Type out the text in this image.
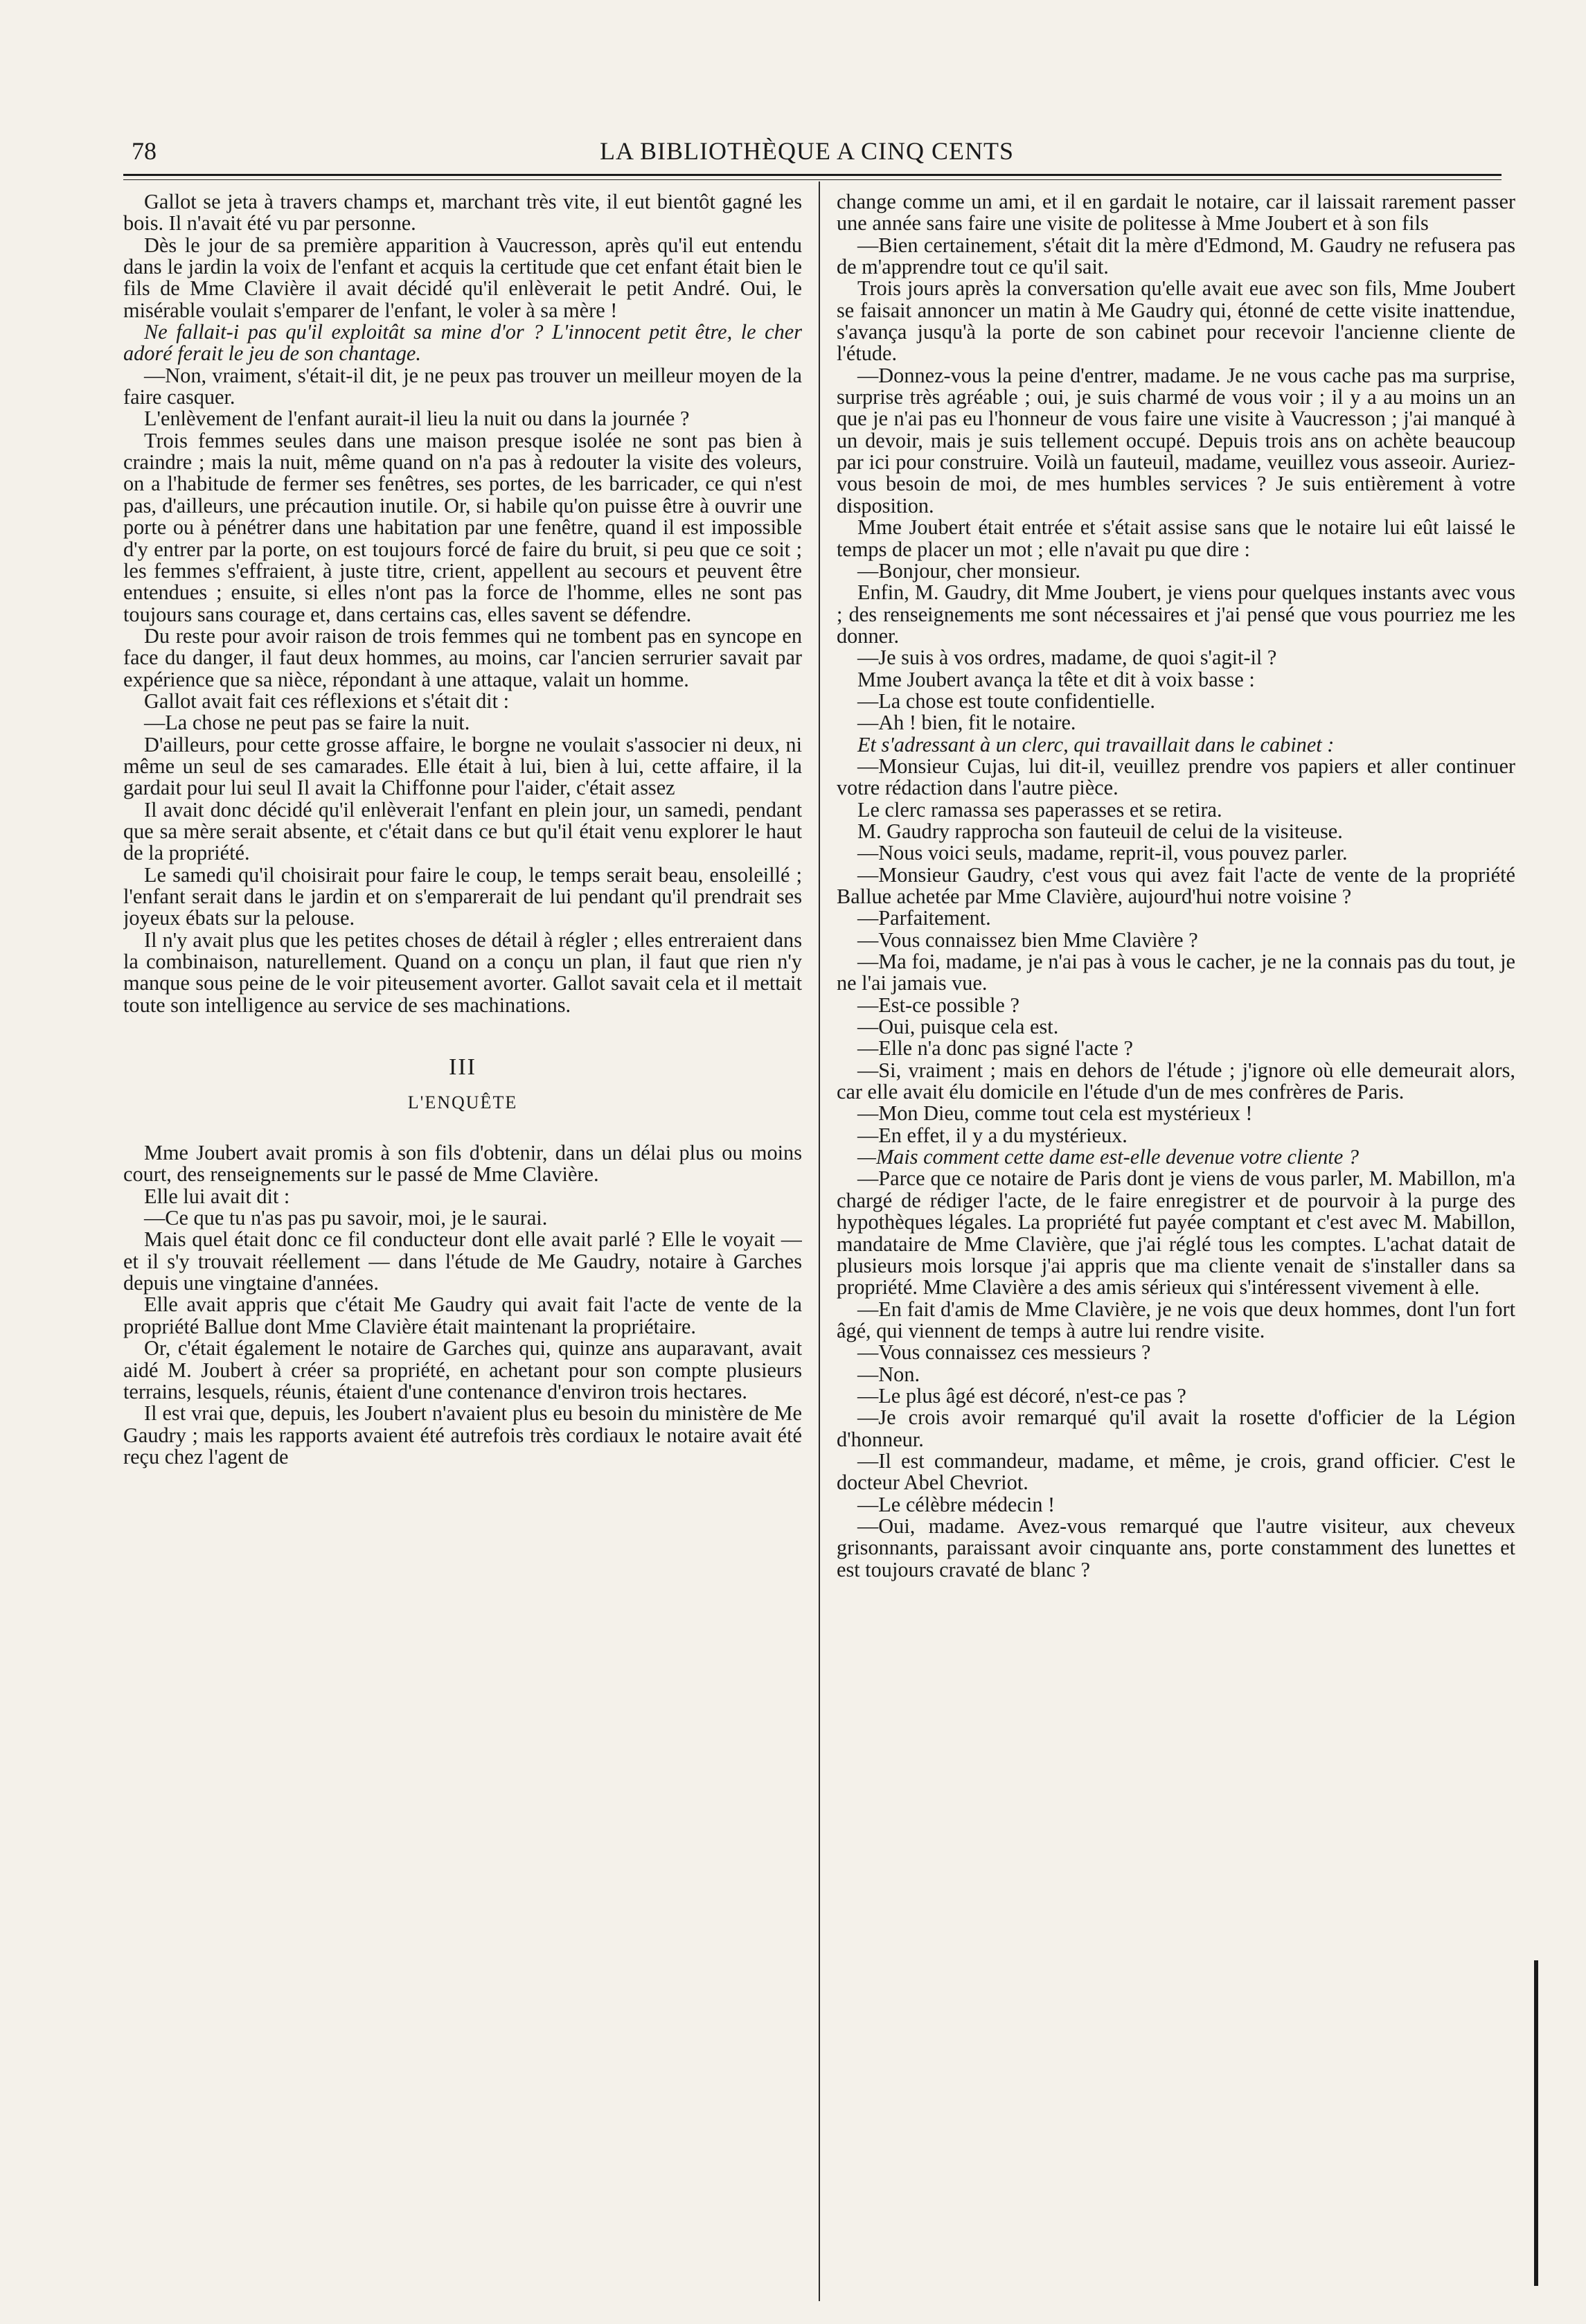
78	LA BIBLIOTHÈQUE A CINQ CENTS

Gallot se jeta à travers champs et, marchant très vite, il eut bientôt gagné les bois. Il n'avait été vu par personne.

Dès le jour de sa première apparition à Vaucresson, après qu'il eut entendu dans le jardin la voix de l'enfant et acquis la certitude que cet enfant était bien le fils de Mme Clavière il avait décidé qu'il enlèverait le petit André. Oui, le misérable voulait s'emparer de l'enfant, le voler à sa mère !

Ne fallait-i pas qu'il exploitât sa mine d'or ? L'innocent petit être, le cher adoré ferait le jeu de son chantage.

—Non, vraiment, s'était-il dit, je ne peux pas trouver un meilleur moyen de la faire casquer.

L'enlèvement de l'enfant aurait-il lieu la nuit ou dans la journée ?

Trois femmes seules dans une maison presque isolée ne sont pas bien à craindre ; mais la nuit, même quand on n'a pas à redouter la visite des voleurs, on a l'habitude de fermer ses fenêtres, ses portes, de les barricader, ce qui n'est pas, d'ailleurs, une précaution inutile. Or, si habile qu'on puisse être à ouvrir une porte ou à pénétrer dans une habitation par une fenêtre, quand il est impossible d'y entrer par la porte, on est toujours forcé de faire du bruit, si peu que ce soit ; les femmes s'effraient, à juste titre, crient, appellent au secours et peuvent être entendues ; ensuite, si elles n'ont pas la force de l'homme, elles ne sont pas toujours sans courage et, dans certains cas, elles savent se défendre.

Du reste pour avoir raison de trois femmes qui ne tombent pas en syncope en face du danger, il faut deux hommes, au moins, car l'ancien serrurier savait par expérience que sa nièce, répondant à une attaque, valait un homme.

Gallot avait fait ces réflexions et s'était dit :

—La chose ne peut pas se faire la nuit.

D'ailleurs, pour cette grosse affaire, le borgne ne voulait s'associer ni deux, ni même un seul de ses camarades. Elle était à lui, bien à lui, cette affaire, il la gardait pour lui seul Il avait la Chiffonne pour l'aider, c'était assez

Il avait donc décidé qu'il enlèverait l'enfant en plein jour, un samedi, pendant que sa mère serait absente, et c'était dans ce but qu'il était venu explorer le haut de la propriété.

Le samedi qu'il choisirait pour faire le coup, le temps serait beau, ensoleillé ; l'enfant serait dans le jardin et on s'emparerait de lui pendant qu'il prendrait ses joyeux ébats sur la pelouse.

Il n'y avait plus que les petites choses de détail à régler ; elles entreraient dans la combinaison, naturellement. Quand on a conçu un plan, il faut que rien n'y manque sous peine de le voir piteusement avorter. Gallot savait cela et il mettait toute son intelligence au service de ses machinations.

III

L'ENQUÊTE

Mme Joubert avait promis à son fils d'obtenir, dans un délai plus ou moins court, des renseignements sur le passé de Mme Clavière.

Elle lui avait dit :

—Ce que tu n'as pas pu savoir, moi, je le saurai.

Mais quel était donc ce fil conducteur dont elle avait parlé ? Elle le voyait — et il s'y trouvait réellement — dans l'étude de Me Gaudry, notaire à Garches depuis une vingtaine d'années.

Elle avait appris que c'était Me Gaudry qui avait fait l'acte de vente de la propriété Ballue dont Mme Clavière était maintenant la propriétaire.

Or, c'était également le notaire de Garches qui, quinze ans auparavant, avait aidé M. Joubert à créer sa propriété, en achetant pour son compte plusieurs terrains, lesquels, réunis, étaient d'une contenance d'environ trois hectares.

Il est vrai que, depuis, les Joubert n'avaient plus eu besoin du ministère de Me Gaudry ; mais les rapports avaient été autrefois très cordiaux le notaire avait été reçu chez l'agent de

change comme un ami, et il en gardait le notaire, car il laissait rarement passer une année sans faire une visite de politesse à Mme Joubert et à son fils

—Bien certainement, s'était dit la mère d'Edmond, M. Gaudry ne refusera pas de m'apprendre tout ce qu'il sait.

Trois jours après la conversation qu'elle avait eue avec son fils, Mme Joubert se faisait annoncer un matin à Me Gaudry qui, étonné de cette visite inattendue, s'avança jusqu'à la porte de son cabinet pour recevoir l'ancienne cliente de l'étude.

—Donnez-vous la peine d'entrer, madame. Je ne vous cache pas ma surprise, surprise très agréable ; oui, je suis charmé de vous voir ; il y a au moins un an que je n'ai pas eu l'honneur de vous faire une visite à Vaucresson ; j'ai manqué à un devoir, mais je suis tellement occupé. Depuis trois ans on achète beaucoup par ici pour construire. Voilà un fauteuil, madame, veuillez vous asseoir. Auriez-vous besoin de moi, de mes humbles services ? Je suis entièrement à votre disposition.

Mme Joubert était entrée et s'était assise sans que le notaire lui eût laissé le temps de placer un mot ; elle n'avait pu que dire :

—Bonjour, cher monsieur.

Enfin, M. Gaudry, dit Mme Joubert, je viens pour quelques instants avec vous ; des renseignements me sont nécessaires et j'ai pensé que vous pourriez me les donner.

—Je suis à vos ordres, madame, de quoi s'agit-il ?

Mme Joubert avança la tête et dit à voix basse :

—La chose est toute confidentielle.

—Ah ! bien, fit le notaire.

Et s'adressant à un clerc, qui travaillait dans le cabinet :

—Monsieur Cujas, lui dit-il, veuillez prendre vos papiers et aller continuer votre rédaction dans l'autre pièce.

Le clerc ramassa ses paperasses et se retira.

M. Gaudry rapprocha son fauteuil de celui de la visiteuse.

—Nous voici seuls, madame, reprit-il, vous pouvez parler.

—Monsieur Gaudry, c'est vous qui avez fait l'acte de vente de la propriété Ballue achetée par Mme Clavière, aujourd'hui notre voisine ?

—Parfaitement.

—Vous connaissez bien Mme Clavière ?

—Ma foi, madame, je n'ai pas à vous le cacher, je ne la connais pas du tout, je ne l'ai jamais vue.

—Est-ce possible ?

—Oui, puisque cela est.

—Elle n'a donc pas signé l'acte ?

—Si, vraiment ; mais en dehors de l'étude ; j'ignore où elle demeurait alors, car elle avait élu domicile en l'étude d'un de mes confrères de Paris.

—Mon Dieu, comme tout cela est mystérieux !

—En effet, il y a du mystérieux.

—Mais comment cette dame est-elle devenue votre cliente ?

—Parce que ce notaire de Paris dont je viens de vous parler, M. Mabillon, m'a chargé de rédiger l'acte, de le faire enregistrer et de pourvoir à la purge des hypothèques légales. La propriété fut payée comptant et c'est avec M. Mabillon, mandataire de Mme Clavière, que j'ai réglé tous les comptes. L'achat datait de plusieurs mois lorsque j'ai appris que ma cliente venait de s'installer dans sa propriété. Mme Clavière a des amis sérieux qui s'intéressent vivement à elle.

—En fait d'amis de Mme Clavière, je ne vois que deux hommes, dont l'un fort âgé, qui viennent de temps à autre lui rendre visite.

—Vous connaissez ces messieurs ?

—Non.

—Le plus âgé est décoré, n'est-ce pas ?

—Je crois avoir remarqué qu'il avait la rosette d'officier de la Légion d'honneur.

—Il est commandeur, madame, et même, je crois, grand officier. C'est le docteur Abel Chevriot.

—Le célèbre médecin !

—Oui, madame. Avez-vous remarqué que l'autre visiteur, aux cheveux grisonnants, paraissant avoir cinquante ans, porte constamment des lunettes et est toujours cravaté de blanc ?
